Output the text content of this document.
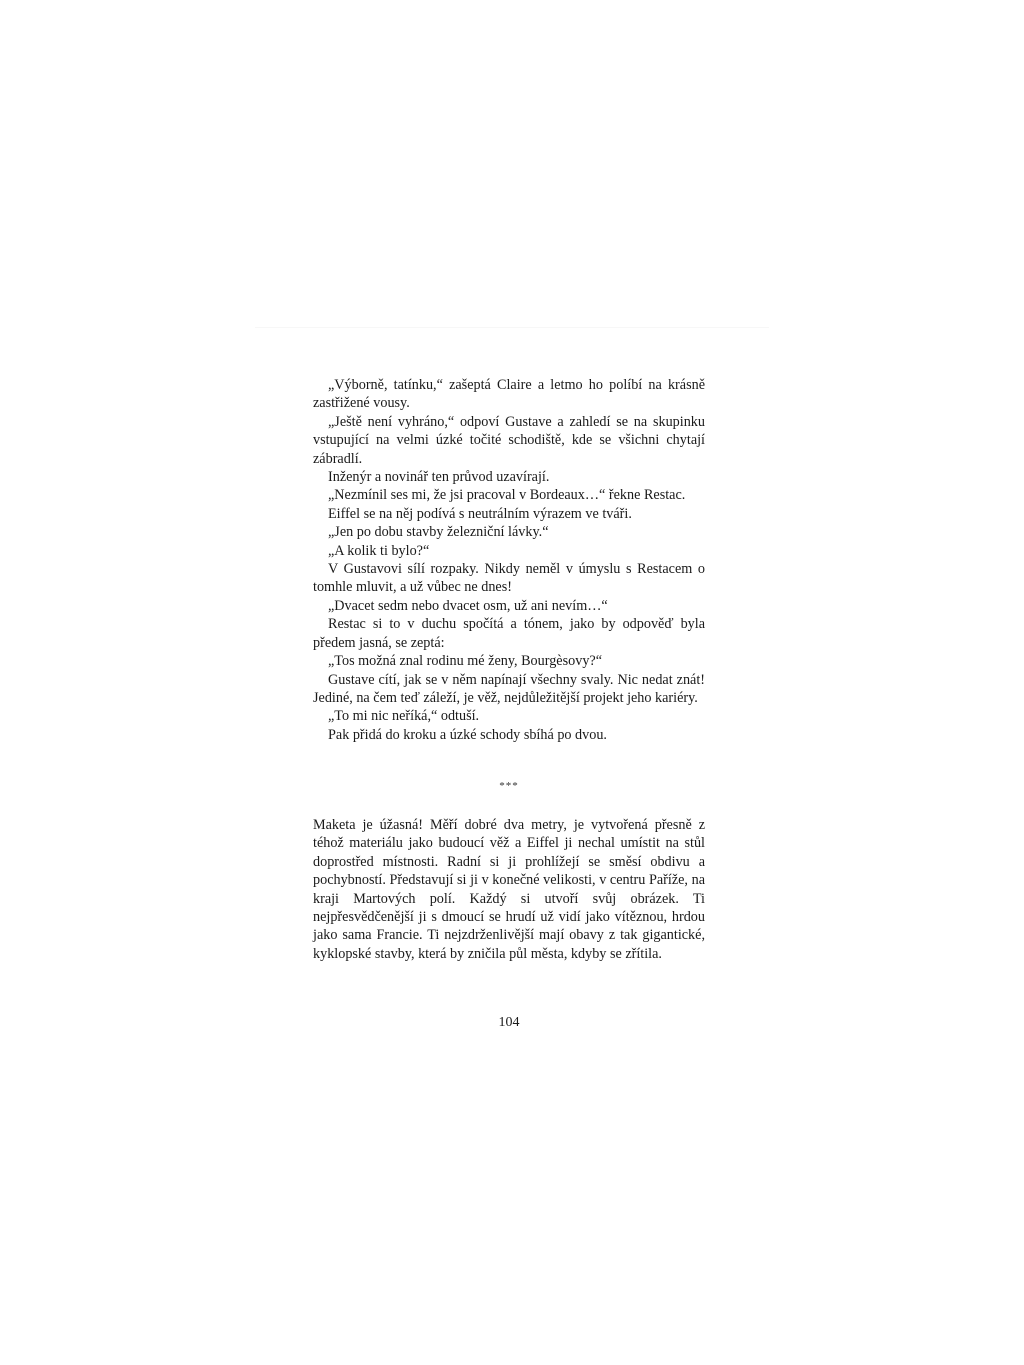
„Výborně, tatínku,“ zašeptá Claire a letmo ho políbí na krásně zastřižené vousy.

„Ještě není vyhráno,“ odpoví Gustave a zahledí se na skupinku vstupující na velmi úzké točité schodiště, kde se všichni chytají zábradlí.

Inženýr a novinář ten průvod uzavírají.

„Nezmínil ses mi, že jsi pracoval v Bordeaux…“ řekne Restac.

Eiffel se na něj podívá s neutrálním výrazem ve tváři.

„Jen po dobu stavby železniční lávky.“

„A kolik ti bylo?“

V Gustavovi sílí rozpaky. Nikdy neměl v úmyslu s Restacem o tomhle mluvit, a už vůbec ne dnes!

„Dvacet sedm nebo dvacet osm, už ani nevím…“

Restac si to v duchu spočítá a tónem, jako by odpověď byla předem jasná, se zeptá:

„Tos možná znal rodinu mé ženy, Bourgèsovy?“

Gustave cítí, jak se v něm napínají všechny svaly. Nic nedat znát! Jediné, na čem teď záleží, je věž, nejdůležitější projekt jeho kariéry.

„To mi nic neříká,“ odtuší.

Pak přidá do kroku a úzké schody sbíhá po dvou.

***

Maketa je úžasná! Měří dobré dva metry, je vytvořená přesně z téhož materiálu jako budoucí věž a Eiffel ji nechal umístit na stůl doprostřed místnosti. Radní si ji prohlížejí se směsí obdivu a pochybností. Představují si ji v konečné velikosti, v centru Paříže, na kraji Martových polí. Každý si utvoří svůj obrázek. Ti nejpřesvědčenější ji s dmoucí se hrudí už vidí jako vítěznou, hrdou jako sama Francie. Ti nejzdrženlivější mají obavy z tak gigantické, kyklopské stavby, která by zničila půl města, kdyby se zřítila.

104
